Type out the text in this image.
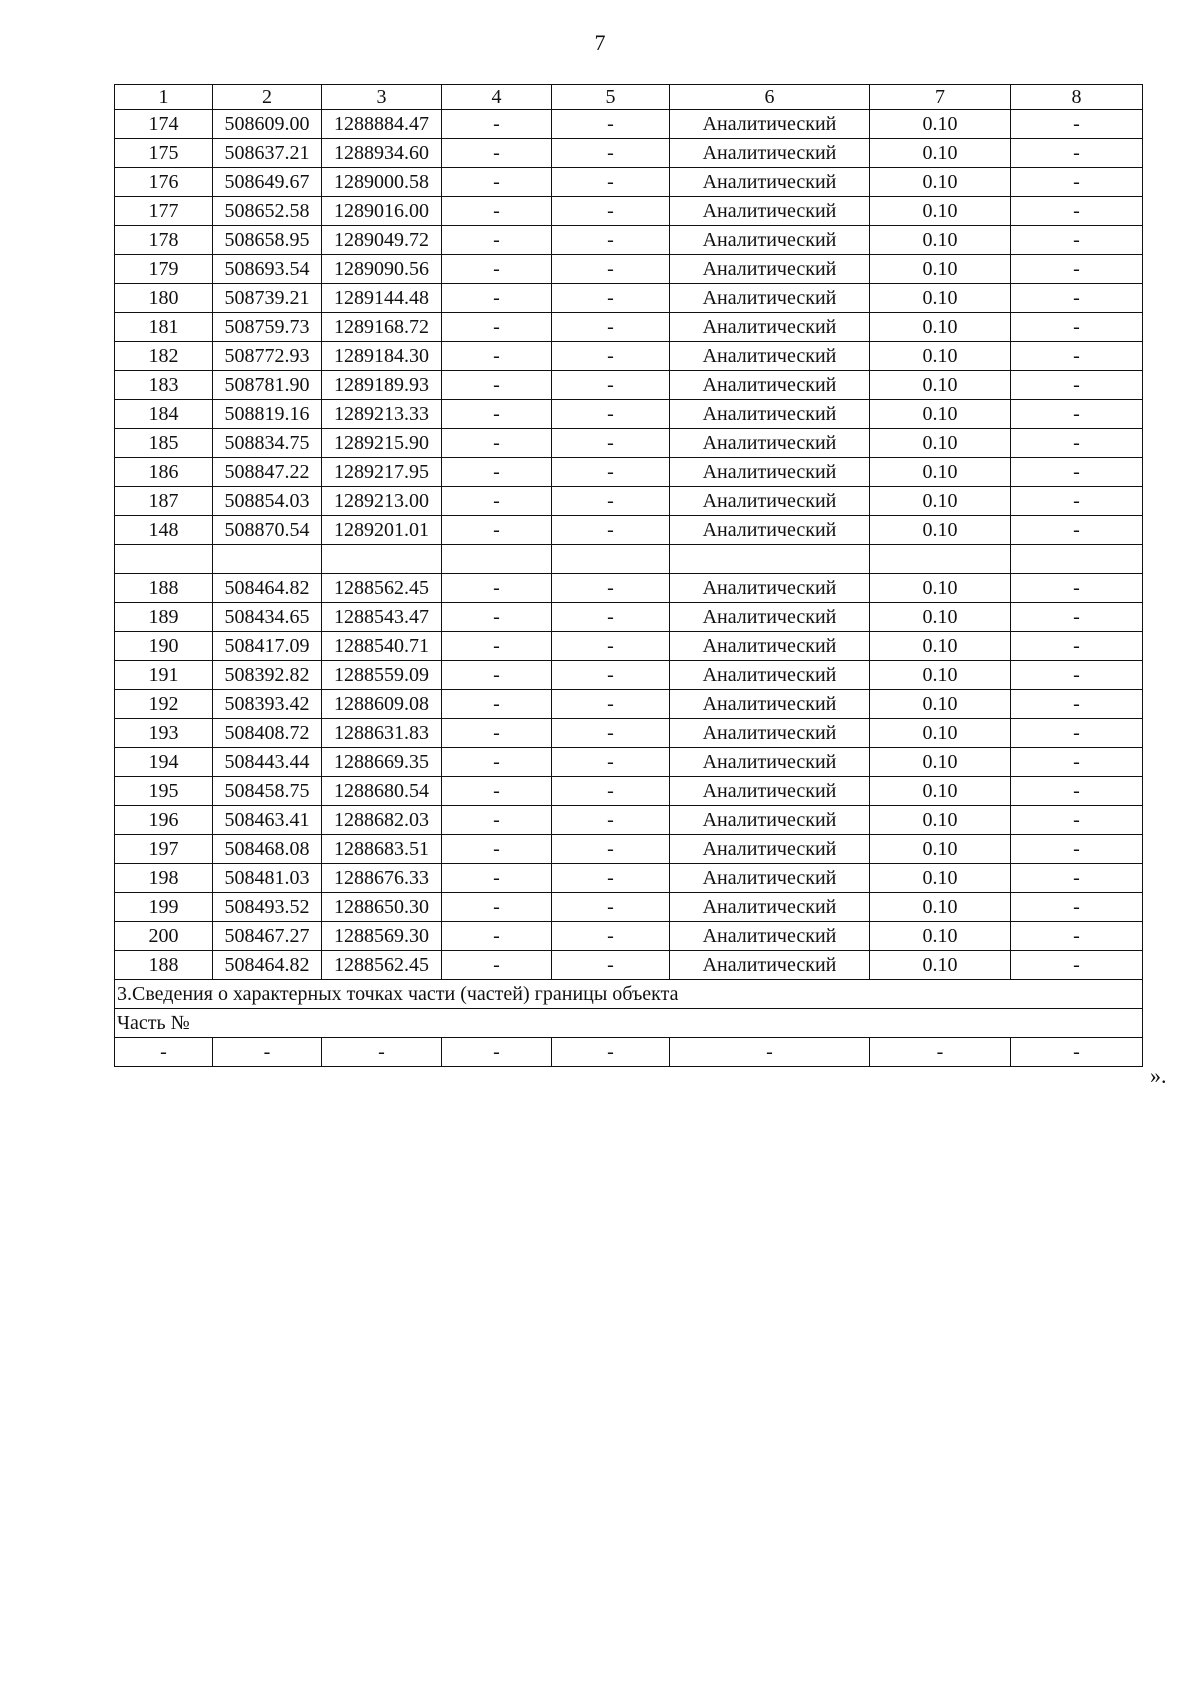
7
1	2	3	4	5	6	7	8
174	508609.00	1288884.47	-	-	Аналитический	0.10	-
175	508637.21	1288934.60	-	-	Аналитический	0.10	-
176	508649.67	1289000.58	-	-	Аналитический	0.10	-
177	508652.58	1289016.00	-	-	Аналитический	0.10	-
178	508658.95	1289049.72	-	-	Аналитический	0.10	-
179	508693.54	1289090.56	-	-	Аналитический	0.10	-
180	508739.21	1289144.48	-	-	Аналитический	0.10	-
181	508759.73	1289168.72	-	-	Аналитический	0.10	-
182	508772.93	1289184.30	-	-	Аналитический	0.10	-
183	508781.90	1289189.93	-	-	Аналитический	0.10	-
184	508819.16	1289213.33	-	-	Аналитический	0.10	-
185	508834.75	1289215.90	-	-	Аналитический	0.10	-
186	508847.22	1289217.95	-	-	Аналитический	0.10	-
187	508854.03	1289213.00	-	-	Аналитический	0.10	-
148	508870.54	1289201.01	-	-	Аналитический	0.10	-

188	508464.82	1288562.45	-	-	Аналитический	0.10	-
189	508434.65	1288543.47	-	-	Аналитический	0.10	-
190	508417.09	1288540.71	-	-	Аналитический	0.10	-
191	508392.82	1288559.09	-	-	Аналитический	0.10	-
192	508393.42	1288609.08	-	-	Аналитический	0.10	-
193	508408.72	1288631.83	-	-	Аналитический	0.10	-
194	508443.44	1288669.35	-	-	Аналитический	0.10	-
195	508458.75	1288680.54	-	-	Аналитический	0.10	-
196	508463.41	1288682.03	-	-	Аналитический	0.10	-
197	508468.08	1288683.51	-	-	Аналитический	0.10	-
198	508481.03	1288676.33	-	-	Аналитический	0.10	-
199	508493.52	1288650.30	-	-	Аналитический	0.10	-
200	508467.27	1288569.30	-	-	Аналитический	0.10	-
188	508464.82	1288562.45	-	-	Аналитический	0.10	-
3.Сведения о характерных точках части (частей) границы объекта							
Часть №							
-	-	-	-	-	-	-	-
».
